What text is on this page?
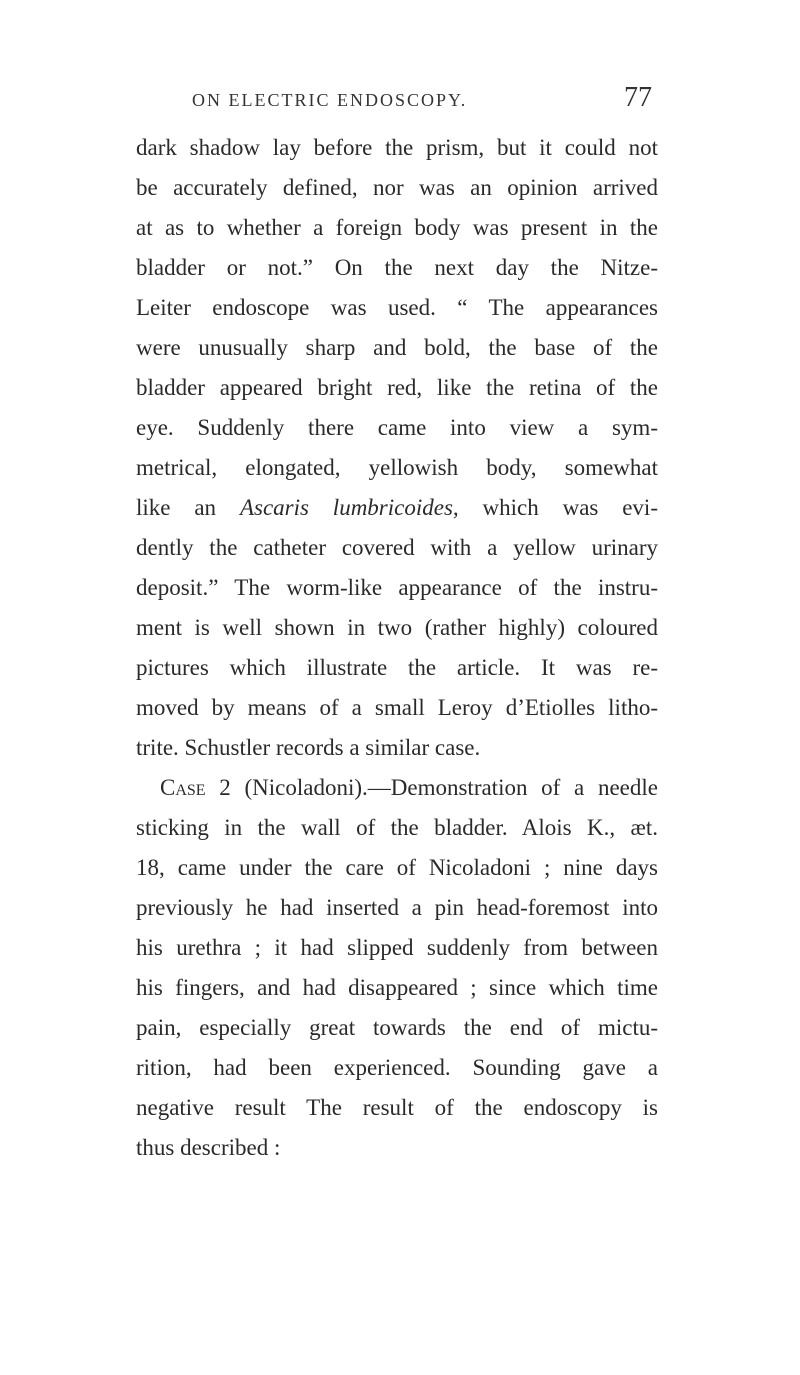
ON ELECTRIC ENDOSCOPY.	77
dark shadow lay before the prism, but it could not
be accurately defined, nor was an opinion arrived
at as to whether a foreign body was present in the
bladder or not.” On the next day the Nitze-
Leiter endoscope was used. “ The appearances
were unusually sharp and bold, the base of the
bladder appeared bright red, like the retina of the
eye. Suddenly there came into view a sym-
metrical, elongated, yellowish body, somewhat
like an Ascaris lumbricoides, which was evi-
dently the catheter covered with a yellow urinary
deposit.” The worm-like appearance of the instru-
ment is well shown in two (rather highly) coloured
pictures which illustrate the article. It was re-
moved by means of a small Leroy d’Etiolles litho-
trite. Schustler records a similar case.
Case 2 (Nicoladoni).—Demonstration of a needle
sticking in the wall of the bladder. Alois K., æt.
18, came under the care of Nicoladoni ; nine days
previously he had inserted a pin head-foremost into
his urethra ; it had slipped suddenly from between
his fingers, and had disappeared ; since which time
pain, especially great towards the end of mictu-
rition, had been experienced. Sounding gave a
negative result The result of the endoscopy is
thus described :
